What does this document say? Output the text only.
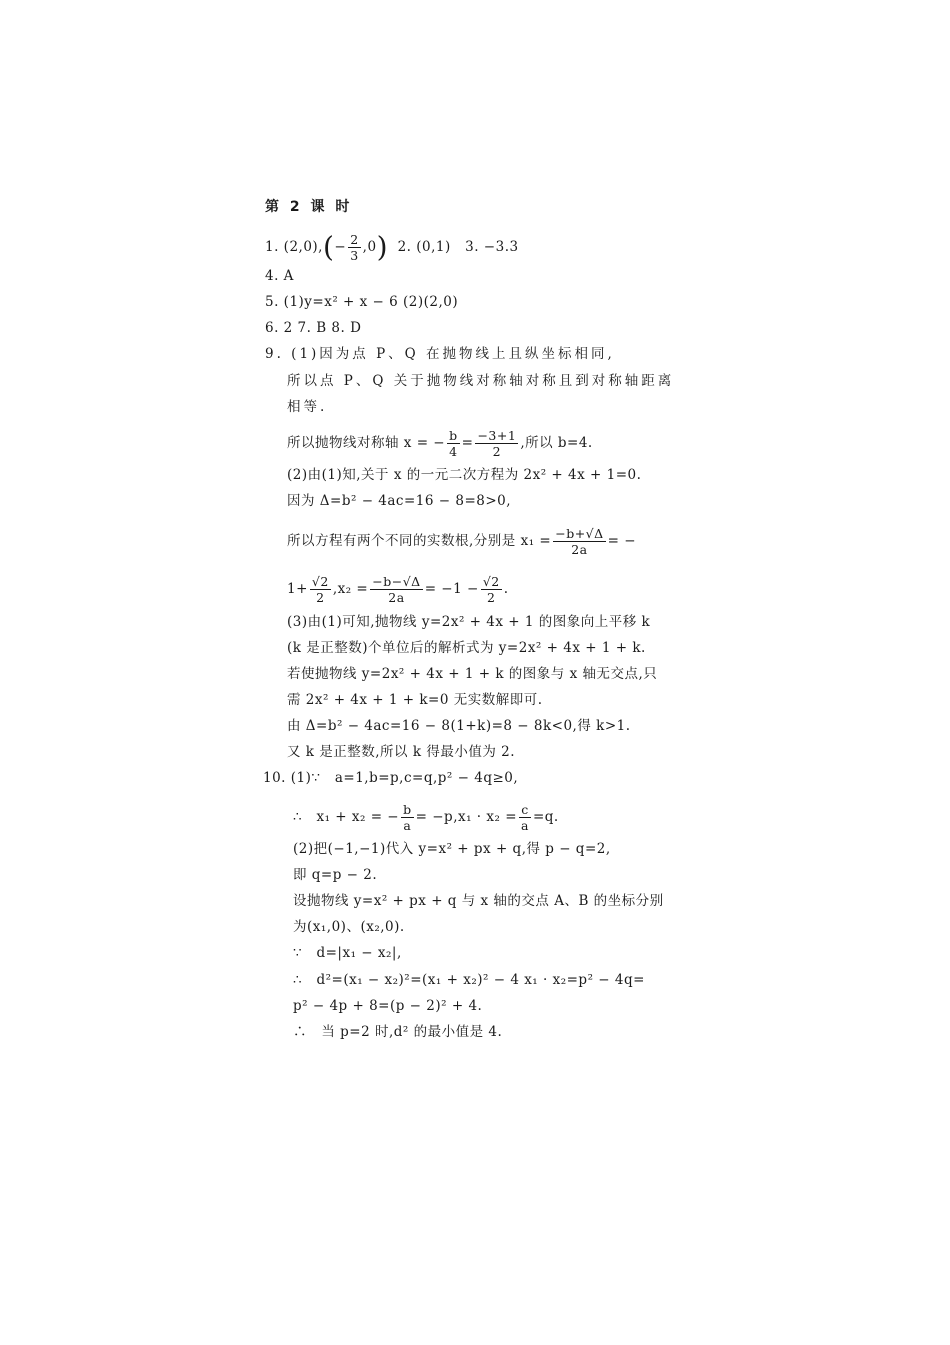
第 2 课 时
1. $(2,0),(- \frac{2}{3} ,0)$  2. (0,1)   3. −3.3
4. A
5. (1)y=x² + x − 6 (2)(2,0)
6. 2 7. B 8. D
9. (1)因为点 P、Q 在抛物线上且纵坐标相同,
所以点 P、Q 关于抛物线对称轴对称且到对称轴距离
相等.
所以抛物线对称轴 x = − $\frac{b}{4} = \frac{-3+1}{2}$ ,所以 b=4.
(2)由(1)知,关于 x 的一元二次方程为 2x² + 4x + 1=0.
因为 Δ=b² − 4ac=16 − 8=8>0,
所以方程有两个不同的实数根,分别是 $x_1 = \frac{-b+√\Delta}{2a}$ = −
$1+ \frac{√2}{2} ,x_2 = \frac{-b-√\Delta}{2a} = -1 - \frac{√2}{2}$ .
(3)由(1)可知,抛物线 y=2x² + 4x + 1 的图象向上平移 k
(k 是正整数)个单位后的解析式为 y=2x² + 4x + 1 + k.
若使抛物线 y=2x² + 4x + 1 + k 的图象与 x 轴无交点,只
需 2x² + 4x + 1 + k=0 无实数解即可.
由 Δ=b² − 4ac=16 − 8(1+k)=8 − 8k<0,得 k>1.
又 k 是正整数,所以 k 得最小值为 2.
10. (1)∵   a=1,b=p,c=q,p² − 4q≥0,
∴   x₁ + x₂ = − $\frac{b}{a} = -p,x_1 \cdot x_2 = \frac{c}{a} =q$.
(2)把(−1,−1)代入 y=x² + px + q,得 p − q=2,
即 q=p − 2.
设抛物线 y=x² + px + q 与 x 轴的交点 A、B 的坐标分别
为(x₁,0)、(x₂,0).
∵   d=|x₁ − x₂|,
∴   d²=(x₁ − x₂)²=(x₁ + x₂)² − 4 x₁ · x₂=p² − 4q=
p² − 4p + 8=(p − 2)² + 4.
∴   当 p=2 时,d² 的最小值是 4.
